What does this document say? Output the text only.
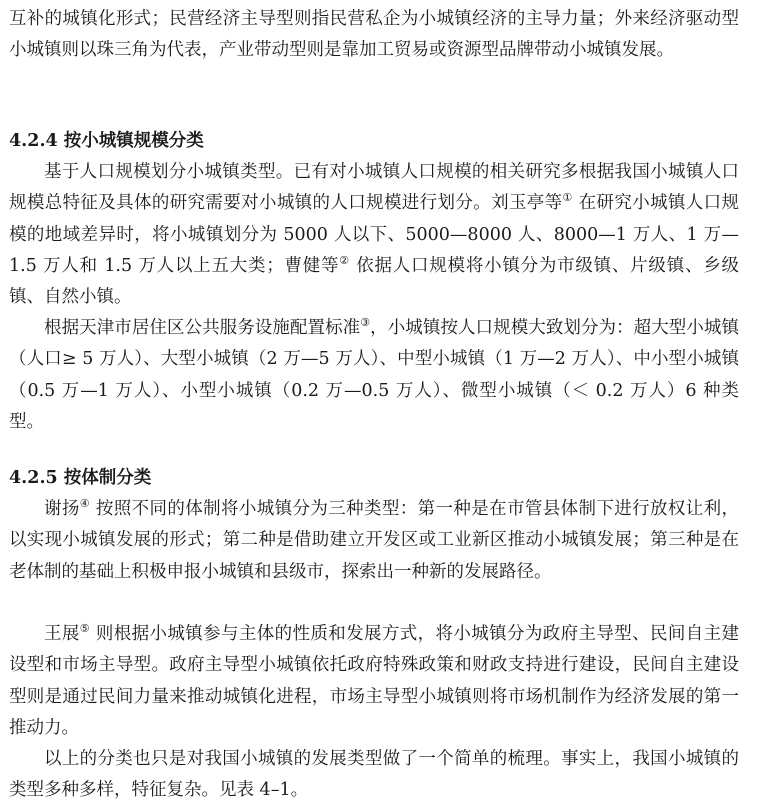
互补的城镇化形式；民营经济主导型则指民营私企为小城镇经济的主导力量；外来经济驱动型小城镇则以珠三角为代表，产业带动型则是靠加工贸易或资源型品牌带动小城镇发展。

4.2.4 按小城镇规模分类

基于人口规模划分小城镇类型。已有对小城镇人口规模的相关研究多根据我国小城镇人口规模总特征及具体的研究需要对小城镇的人口规模进行划分。刘玉亭等① 在研究小城镇人口规模的地域差异时，将小城镇划分为 5000 人以下、5000—8000 人、8000—1 万人、1 万—1.5 万人和 1.5 万人以上五大类；曹健等② 依据人口规模将小镇分为市级镇、片级镇、乡级镇、自然小镇。

根据天津市居住区公共服务设施配置标准③，小城镇按人口规模大致划分为：超大型小城镇（人口≥ 5 万人）、大型小城镇（2 万—5 万人）、中型小城镇（1 万—2 万人）、中小型小城镇（0.5 万—1 万人）、小型小城镇（0.2 万—0.5 万人）、微型小城镇（＜ 0.2 万人）6 种类型。

4.2.5 按体制分类

谢扬④ 按照不同的体制将小城镇分为三种类型：第一种是在市管县体制下进行放权让利，以实现小城镇发展的形式；第二种是借助建立开发区或工业新区推动小城镇发展；第三种是在老体制的基础上积极申报小城镇和县级市，探索出一种新的发展路径。

王展⑤ 则根据小城镇参与主体的性质和发展方式，将小城镇分为政府主导型、民间自主建设型和市场主导型。政府主导型小城镇依托政府特殊政策和财政支持进行建设，民间自主建设型则是通过民间力量来推动城镇化进程，市场主导型小城镇则将市场机制作为经济发展的第一推动力。

以上的分类也只是对我国小城镇的发展类型做了一个简单的梳理。事实上，我国小城镇的类型多种多样，特征复杂。见表 4–1。
